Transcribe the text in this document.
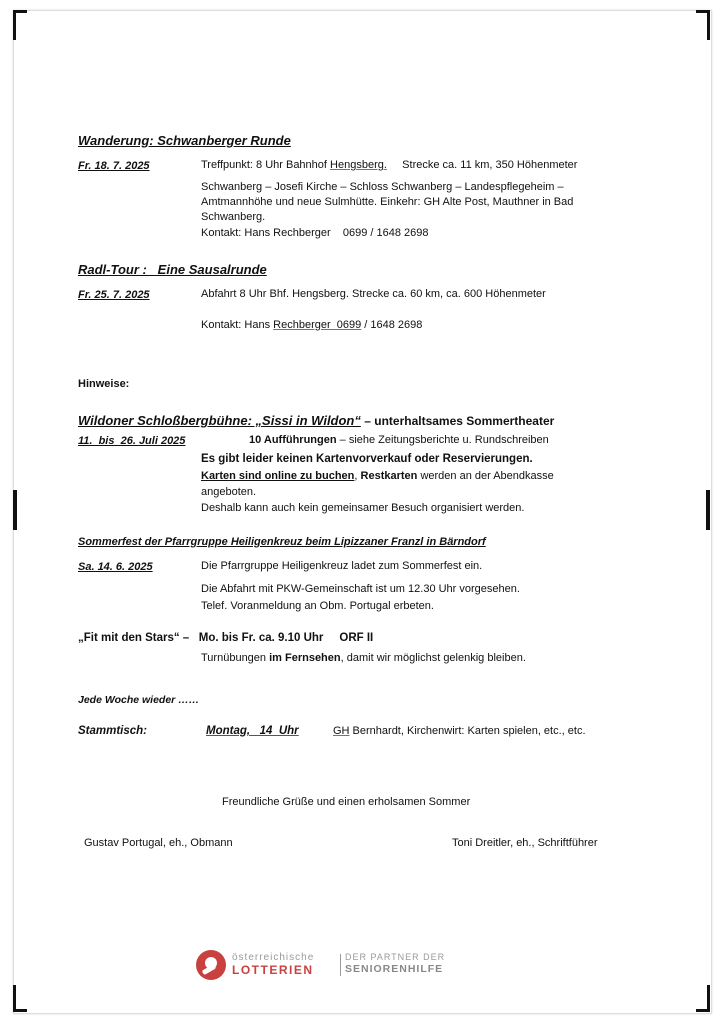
Wanderung: Schwanberger Runde
Fr. 18. 7. 2025	Treffpunkt: 8 Uhr Bahnhof Hengsberg.     Strecke ca. 11 km, 350 Höhenmeter
Schwanberg – Josefi Kirche – Schloss Schwanberg – Landespflegeheim –
Amtmannhöhe und neue Sulmhütte. Einkehr: GH Alte Post, Mauthner in Bad
Schwanberg.
Kontakt: Hans Rechberger    0699 / 1648 2698
Radl-Tour :   Eine Sausalrunde
Fr. 25. 7. 2025	Abfahrt 8 Uhr Bhf. Hengsberg. Strecke ca. 60 km, ca. 600 Höhenmeter
Kontakt: Hans Rechberger  0699 / 1648 2698
Hinweise:
Wildoner Schloßbergbühne: „Sissi in Wildon“ – unterhaltsames Sommertheater
11.  bis  26. Juli 2025	10 Aufführungen – siehe Zeitungsberichte u. Rundschreiben
Es gibt leider keinen Kartenvorverkauf oder Reservierungen.
Karten sind online zu buchen, Restkarten werden an der Abendkasse
angeboten.
Deshalb kann auch kein gemeinsamer Besuch organisiert werden.
Sommerfest der Pfarrgruppe Heiligenkreuz beim Lipizzaner Franzl in Bärndorf
Sa. 14. 6. 2025	Die Pfarrgruppe Heiligenkreuz ladet zum Sommerfest ein.
Die Abfahrt mit PKW-Gemeinschaft ist um 12.30 Uhr vorgesehen.
Telef. Voranmeldung an Obm. Portugal erbeten.
„Fit mit den Stars“ –   Mo. bis Fr. ca. 9.10 Uhr     ORF II
Turnübungen im Fernsehen, damit wir möglichst gelenkig bleiben.
Jede Woche wieder ……
Stammtisch:	Montag,   14  Uhr	GH Bernhardt, Kirchenwirt: Karten spielen, etc., etc.
Freundliche Grüße und einen erholsamen Sommer
Gustav Portugal, eh., Obmann	Toni Dreitler, eh., Schriftführer
österreichische
LOTTERIEN
DER PARTNER DER
SENIORENHILFE
